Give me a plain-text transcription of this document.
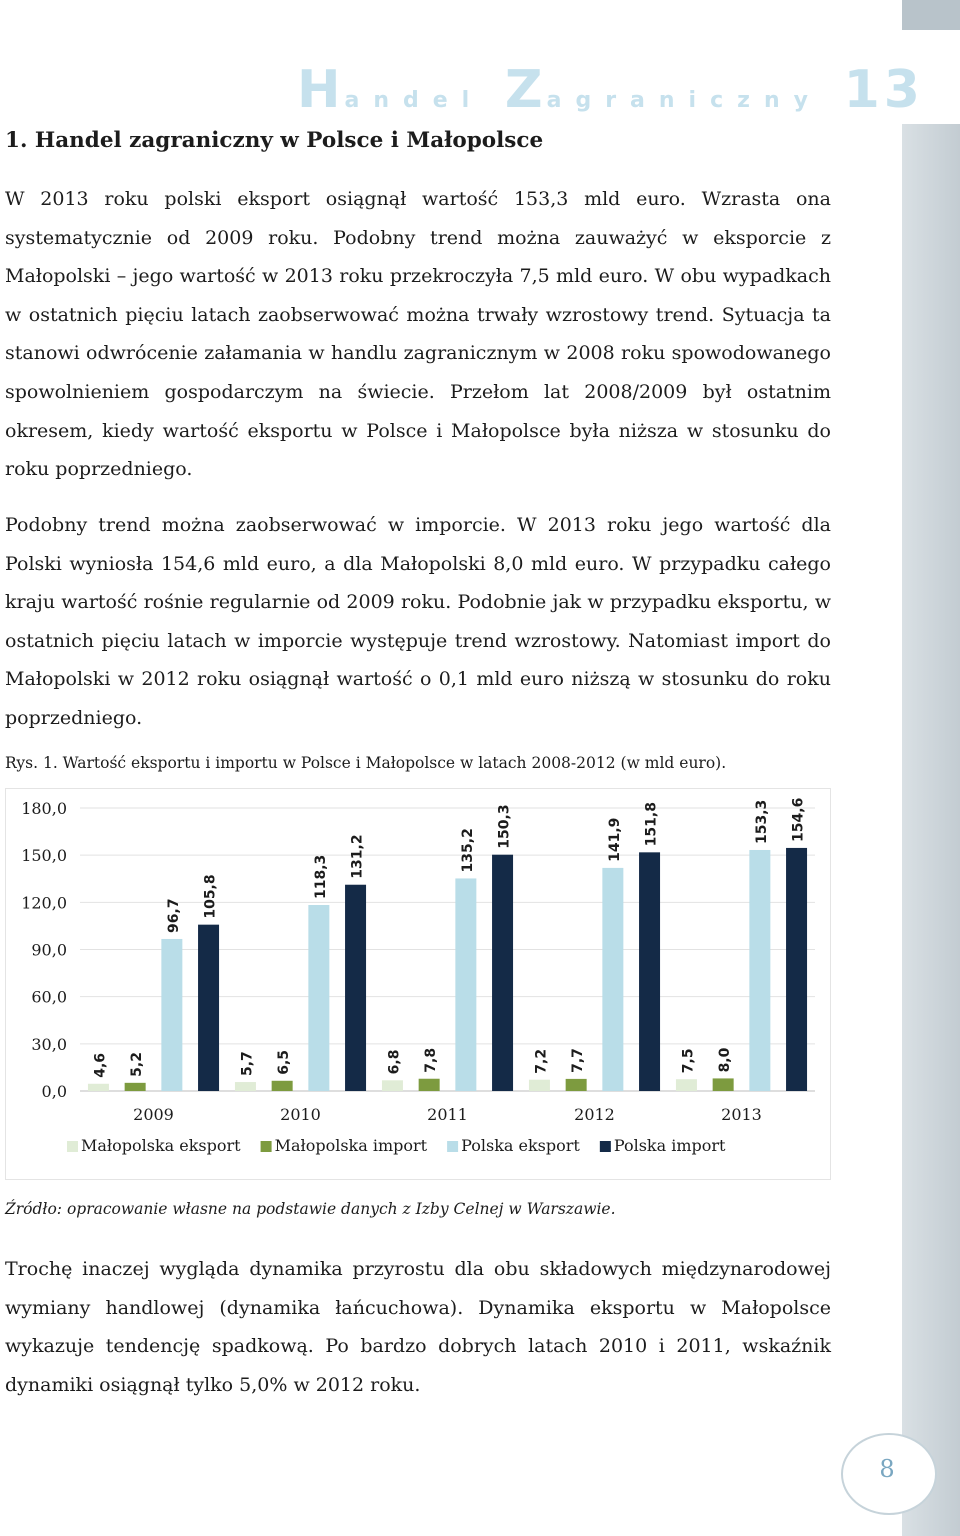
Handel Zagraniczny 13
1. Handel zagraniczny w Polsce i Małopolsce

W 2013 roku polski eksport osiągnął wartość 153,3 mld euro. Wzrasta ona systematycznie od 2009 roku. Podobny trend można zauważyć w eksporcie z Małopolski – jego wartość w 2013 roku przekroczyła 7,5 mld euro. W obu wypadkach w ostatnich pięciu latach zaobserwować można trwały wzrostowy trend. Sytuacja ta stanowi odwrócenie załamania w handlu zagranicznym w 2008 roku spowodowanego spowolnieniem gospodarczym na świecie. Przełom lat 2008/2009 był ostatnim okresem, kiedy wartość eksportu w Polsce i Małopolsce była niższa w stosunku do roku poprzedniego.

Podobny trend można zaobserwować w imporcie. W 2013 roku jego wartość dla Polski wyniosła 154,6 mld euro, a dla Małopolski 8,0 mld euro. W przypadku całego kraju wartość rośnie regularnie od 2009 roku. Podobnie jak w przypadku eksportu, w ostatnich pięciu latach w imporcie występuje trend wzrostowy. Natomiast import do Małopolski w 2012 roku osiągnął wartość o 0,1 mld euro niższą w stosunku do roku poprzedniego.

Rys. 1. Wartość eksportu i importu w Polsce i Małopolsce w latach 2008-2012 (w mld euro).
0,0
30,0
60,0
90,0
120,0
150,0
180,0
4,6 5,2
96,7 105,8
2009
5,7 6,5
118,3 131,2
2010
6,8 7,8
135,2
150,3
2011
7,2 7,7
141,9 151,8
2012
7,5 8,0
153,3 154,6
2013
Małopolska eksport Małopolska import Polska eksport Polska import
Źródło: opracowanie własne na podstawie danych z Izby Celnej w Warszawie.

Trochę inaczej wygląda dynamika przyrostu dla obu składowych międzynarodowej wymiany handlowej (dynamika łańcuchowa). Dynamika eksportu w Małopolsce wykazuje tendencję spadkową. Po bardzo dobrych latach 2010 i 2011, wskaźnik dynamiki osiągnął tylko 5,0% w 2012 roku.

8
